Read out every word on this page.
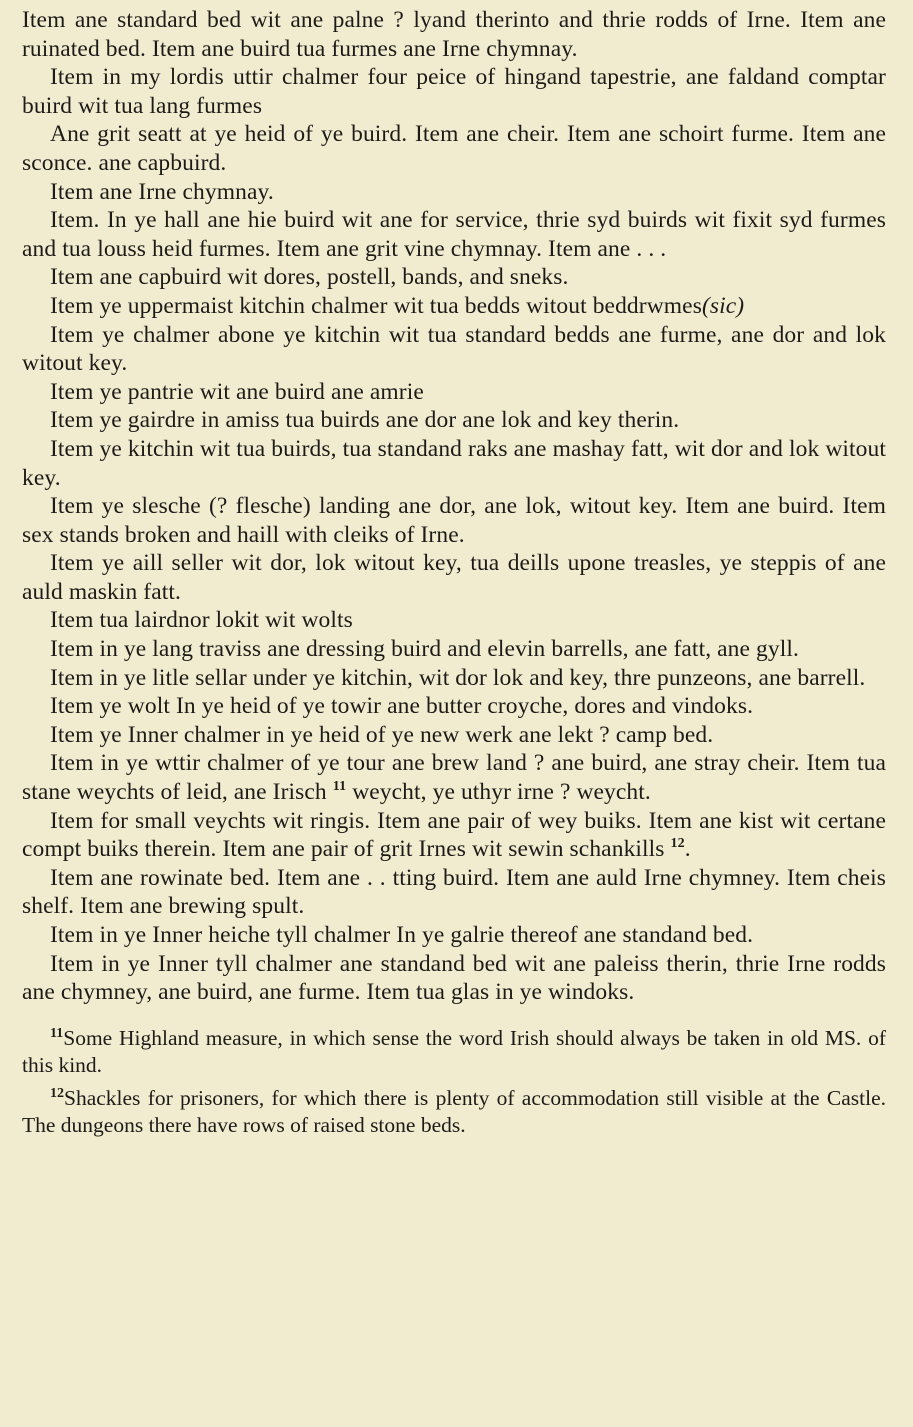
Item ane standard bed wit ane palne ? lyand therinto and thrie rodds of Irne. Item ane ruinated bed. Item ane buird tua furmes ane Irne chymnay.

Item in my lordis uttir chalmer four peice of hingand tapestrie, ane faldand comptar buird wit tua lang furmes

Ane grit seatt at ye heid of ye buird. Item ane cheir. Item ane schoirt furme. Item ane sconce. ane capbuird.

Item ane Irne chymnay.

Item. In ye hall ane hie buird wit ane for service, thrie syd buirds wit fixit syd furmes and tua louss heid furmes. Item ane grit vine chymnay. Item ane . . .

Item ane capbuird wit dores, postell, bands, and sneks.

Item ye uppermaist kitchin chalmer wit tua bedds witout beddrwmes(sic)

Item ye chalmer abone ye kitchin wit tua standard bedds ane furme, ane dor and lok witout key.

Item ye pantrie wit ane buird ane amrie

Item ye gairdre in amiss tua buirds ane dor ane lok and key therin.

Item ye kitchin wit tua buirds, tua standand raks ane mashay fatt, wit dor and lok witout key.

Item ye slesche (? flesche) landing ane dor, ane lok, witout key. Item ane buird. Item sex stands broken and haill with cleiks of Irne.

Item ye aill seller wit dor, lok witout key, tua deills upone treasles, ye steppis of ane auld maskin fatt.

Item tua lairdnor lokit wit wolts

Item in ye lang traviss ane dressing buird and elevin barrells, ane fatt, ane gyll.

Item in ye litle sellar under ye kitchin, wit dor lok and key, thre punzeons, ane barrell.

Item ye wolt In ye heid of ye towir ane butter croyche, dores and vindoks.

Item ye Inner chalmer in ye heid of ye new werk ane lekt ? camp bed.

Item in ye wttir chalmer of ye tour ane brew land ? ane buird, ane stray cheir. Item tua stane weychts of leid, ane Irisch $^{11}$ weycht, ye uthyr irne ? weycht.

Item for small veychts wit ringis. Item ane pair of wey buiks. Item ane kist wit certane compt buiks therein. Item ane pair of grit Irnes wit sewin schankills $^{12}$.

Item ane rowinate bed. Item ane . . tting buird. Item ane auld Irne chymney. Item cheis shelf. Item ane brewing spult.

Item in ye Inner heiche tyll chalmer In ye galrie thereof ane standand bed.

Item in ye Inner tyll chalmer ane standand bed wit ane paleiss therin, thrie Irne rodds ane chymney, ane buird, ane furme. Item tua glas in ye windoks.

$^{11}$Some Highland measure, in which sense the word Irish should always be taken in old MS. of this kind.

$^{12}$Shackles for prisoners, for which there is plenty of accommodation still visible at the Castle. The dungeons there have rows of raised stone beds.
